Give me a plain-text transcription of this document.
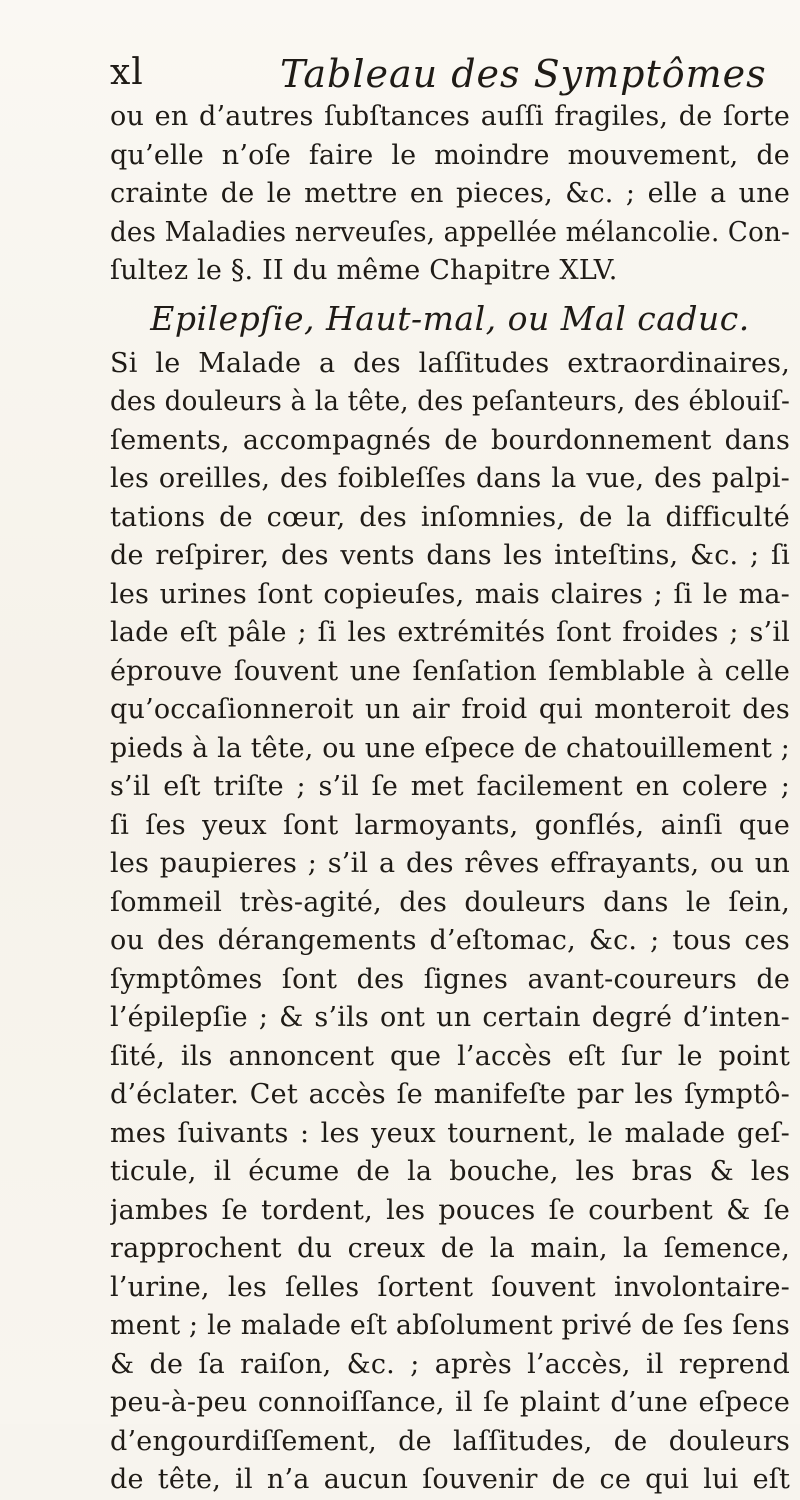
xl	Tableau des Symptômes
ou en d’autres ſubſtances auſſi fragiles, de ſorte
qu’elle n’oſe faire le moindre mouvement, de
crainte de le mettre en pieces, &c. ; elle a une
des Maladies nerveuſes, appellée mélancolie. Con-
ſultez le §. II du même Chapitre XLV.
Epilepſie, Haut-mal, ou Mal caduc.
Si le Malade a des laſſitudes extraordinaires,
des douleurs à la tête, des peſanteurs, des éblouiſ-
ſements, accompagnés de bourdonnement dans
les oreilles, des foibleſſes dans la vue, des palpi-
tations de cœur, des inſomnies, de la difficulté
de reſpirer, des vents dans les inteſtins, &c. ; ſi
les urines ſont copieuſes, mais claires ; ſi le ma-
lade eſt pâle ; ſi les extrémités ſont froides ; s’il
éprouve ſouvent une ſenſation ſemblable à celle
qu’occaſionneroit un air froid qui monteroit des
pieds à la tête, ou une eſpece de chatouillement ;
s’il eſt triſte ; s’il ſe met facilement en colere ;
ſi ſes yeux ſont larmoyants, gonflés, ainſi que
les paupieres ; s’il a des rêves effrayants, ou un
ſommeil très-agité, des douleurs dans le ſein,
ou des dérangements d’eſtomac, &c. ; tous ces
ſymptômes ſont des ſignes avant-coureurs de
l’épilepſie ; & s’ils ont un certain degré d’inten-
ſité, ils annoncent que l’accès eſt ſur le point
d’éclater. Cet accès ſe manifeſte par les ſymptô-
mes ſuivants : les yeux tournent, le malade geſ-
ticule, il écume de la bouche, les bras & les
jambes ſe tordent, les pouces ſe courbent & ſe
rapprochent du creux de la main, la ſemence,
l’urine, les ſelles ſortent ſouvent involontaire-
ment ; le malade eſt abſolument privé de ſes ſens
& de ſa raiſon, &c. ; après l’accès, il reprend
peu-à-peu connoiſſance, il ſe plaint d’une eſpece
d’engourdiſſement, de laſſitudes, de douleurs
de tête, il n’a aucun ſouvenir de ce qui lui eſt
